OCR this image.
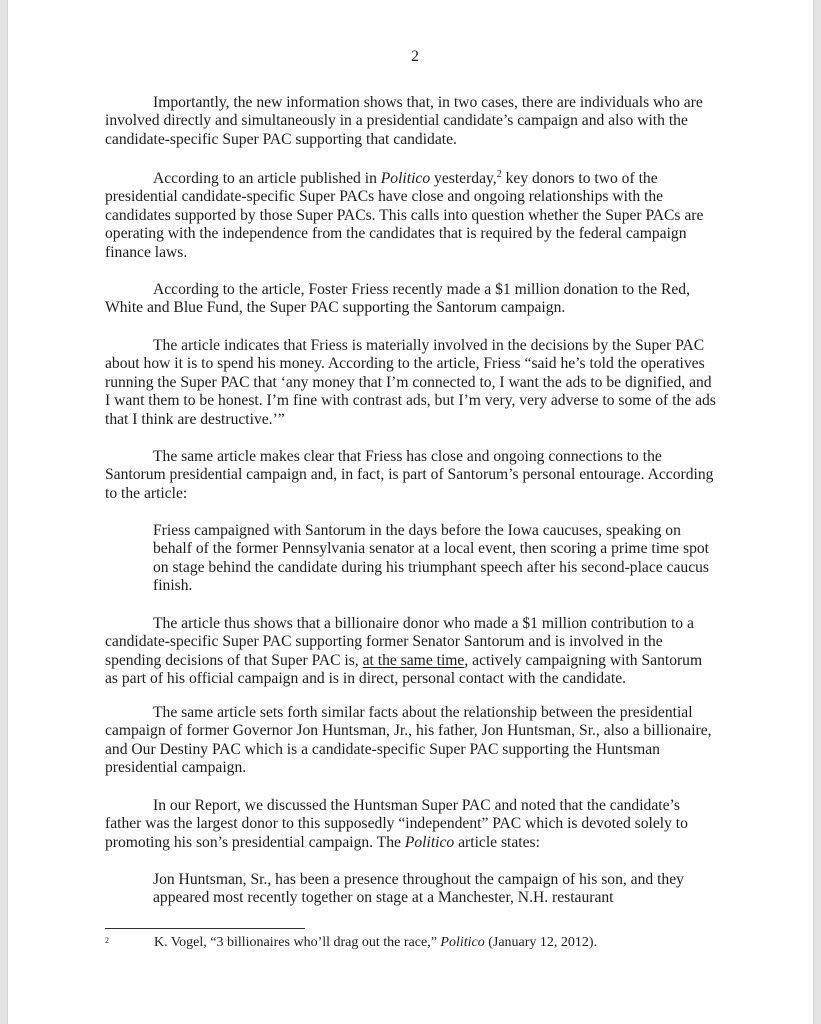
2

Importantly, the new information shows that, in two cases, there are individuals who are involved directly and simultaneously in a presidential candidate’s campaign and also with the candidate-specific Super PAC supporting that candidate.

According to an article published in Politico yesterday,$^2$ key donors to two of the presidential candidate-specific Super PACs have close and ongoing relationships with the candidates supported by those Super PACs. This calls into question whether the Super PACs are operating with the independence from the candidates that is required by the federal campaign finance laws.

According to the article, Foster Friess recently made a $1 million donation to the Red, White and Blue Fund, the Super PAC supporting the Santorum campaign.

The article indicates that Friess is materially involved in the decisions by the Super PAC about how it is to spend his money. According to the article, Friess “said he’s told the operatives running the Super PAC that ‘any money that I’m connected to, I want the ads to be dignified, and I want them to be honest. I’m fine with contrast ads, but I’m very, very adverse to some of the ads that I think are destructive.’”

The same article makes clear that Friess has close and ongoing connections to the Santorum presidential campaign and, in fact, is part of Santorum’s personal entourage. According to the article:

Friess campaigned with Santorum in the days before the Iowa caucuses, speaking on behalf of the former Pennsylvania senator at a local event, then scoring a prime time spot on stage behind the candidate during his triumphant speech after his second-place caucus finish.

The article thus shows that a billionaire donor who made a $1 million contribution to a candidate-specific Super PAC supporting former Senator Santorum and is involved in the spending decisions of that Super PAC is, at the same time, actively campaigning with Santorum as part of his official campaign and is in direct, personal contact with the candidate.

The same article sets forth similar facts about the relationship between the presidential campaign of former Governor Jon Huntsman, Jr., his father, Jon Huntsman, Sr., also a billionaire, and Our Destiny PAC which is a candidate-specific Super PAC supporting the Huntsman presidential campaign.

In our Report, we discussed the Huntsman Super PAC and noted that the candidate’s father was the largest donor to this supposedly “independent” PAC which is devoted solely to promoting his son’s presidential campaign. The Politico article states:

Jon Huntsman, Sr., has been a presence throughout the campaign of his son, and they appeared most recently together on stage at a Manchester, N.H. restaurant

2	K. Vogel, “3 billionaires who’ll drag out the race,” Politico (January 12, 2012).
